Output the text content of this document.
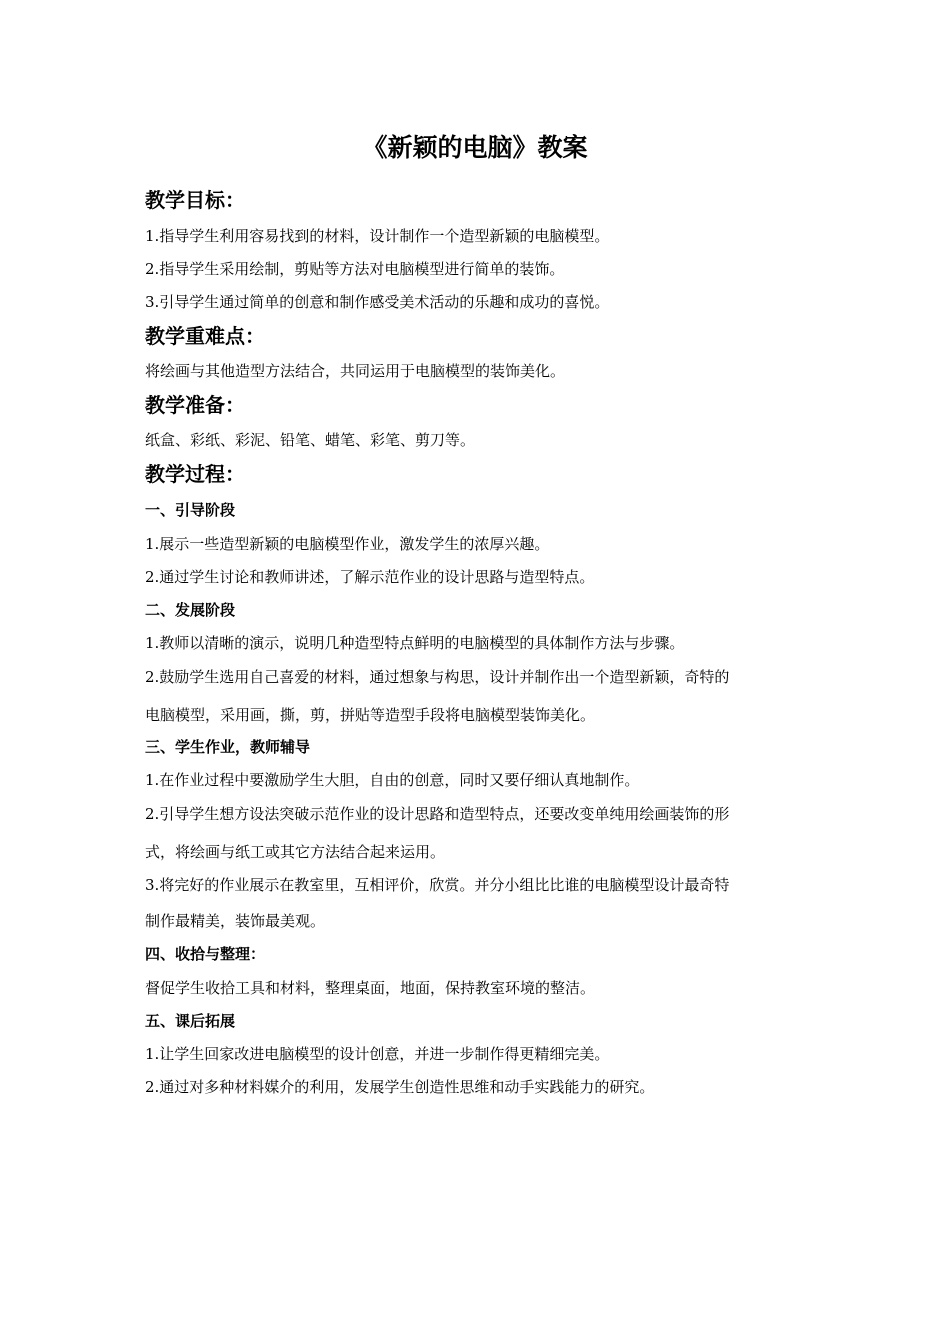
《新颖的电脑》教案
教学目标：
1.指导学生利用容易找到的材料，设计制作一个造型新颖的电脑模型。
2.指导学生采用绘制，剪贴等方法对电脑模型进行简单的装饰。
3.引导学生通过简单的创意和制作感受美术活动的乐趣和成功的喜悦。
教学重难点：
将绘画与其他造型方法结合，共同运用于电脑模型的装饰美化。
教学准备：
纸盒、彩纸、彩泥、铅笔、蜡笔、彩笔、剪刀等。
教学过程：
一、引导阶段
1.展示一些造型新颖的电脑模型作业，激发学生的浓厚兴趣。
2.通过学生讨论和教师讲述，了解示范作业的设计思路与造型特点。
二、发展阶段
1.教师以清晰的演示，说明几种造型特点鲜明的电脑模型的具体制作方法与步骤。
2.鼓励学生选用自己喜爱的材料，通过想象与构思，设计并制作出一个造型新颖，奇特的
电脑模型，采用画，撕，剪，拼贴等造型手段将电脑模型装饰美化。
三、学生作业，教师辅导
1.在作业过程中要激励学生大胆，自由的创意，同时又要仔细认真地制作。
2.引导学生想方设法突破示范作业的设计思路和造型特点，还要改变单纯用绘画装饰的形
式，将绘画与纸工或其它方法结合起来运用。
3.将完好的作业展示在教室里，互相评价，欣赏。并分小组比比谁的电脑模型设计最奇特
制作最精美，装饰最美观。
四、收拾与整理：
督促学生收拾工具和材料，整理桌面，地面，保持教室环境的整洁。
五、课后拓展
1.让学生回家改进电脑模型的设计创意，并进一步制作得更精细完美。
2.通过对多种材料媒介的利用，发展学生创造性思维和动手实践能力的研究。
